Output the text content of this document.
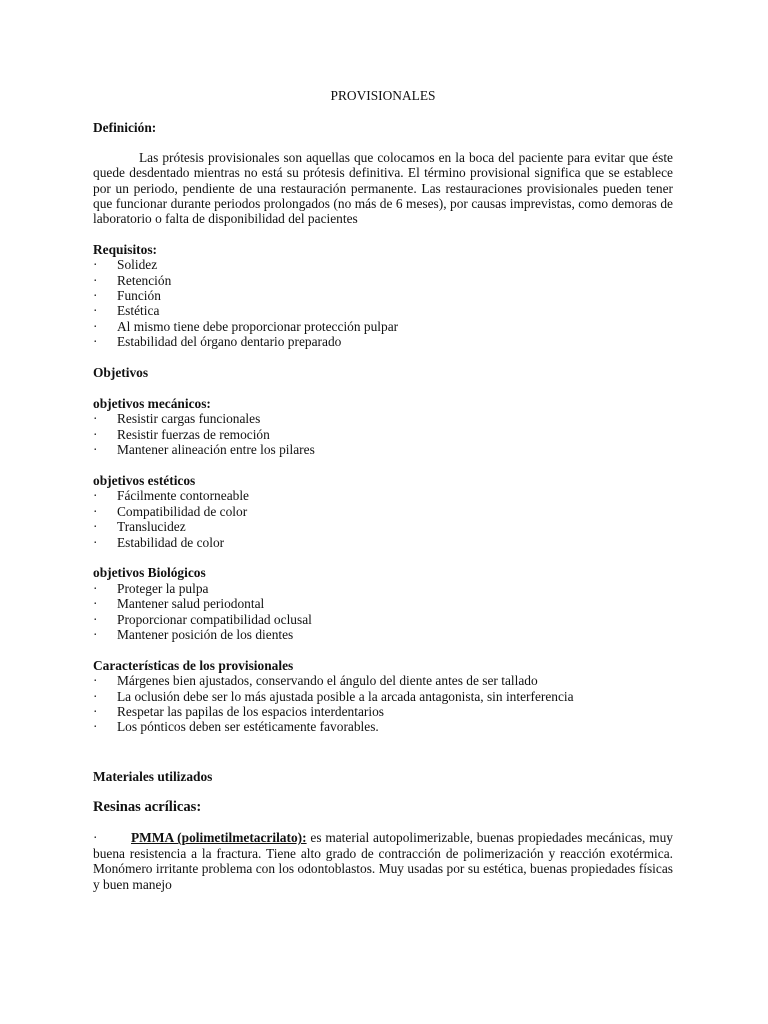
PROVISIONALES
Definición:
Las prótesis provisionales son aquellas que colocamos en la boca del paciente para evitar que éste quede desdentado mientras no está su prótesis definitiva. El término provisional significa que se establece por un periodo, pendiente de una restauración permanente. Las restauraciones provisionales pueden tener que funcionar durante periodos prolongados (no más de 6 meses), por causas imprevistas, como demoras de laboratorio o falta de disponibilidad del pacientes
Requisitos:
· Solidez
· Retención
· Función
· Estética
· Al mismo tiene debe proporcionar protección pulpar
· Estabilidad del órgano dentario preparado
Objetivos
objetivos mecánicos:
· Resistir cargas funcionales
· Resistir fuerzas de remoción
· Mantener alineación entre los pilares
objetivos estéticos
· Fácilmente contorneable
· Compatibilidad de color
· Translucidez
· Estabilidad de color
objetivos Biológicos
· Proteger la pulpa
· Mantener salud periodontal
· Proporcionar compatibilidad oclusal
· Mantener posición de los dientes
Características de los provisionales
· Márgenes bien ajustados, conservando el ángulo del diente antes de ser tallado
· La oclusión debe ser lo más ajustada posible a la arcada antagonista, sin interferencia
· Respetar las papilas de los espacios interdentarios
· Los pónticos deben ser estéticamente favorables.
Materiales utilizados
Resinas acrílicas:
·	PMMA (polimetilmetacrilato): es material autopolimerizable, buenas propiedades mecánicas, muy buena resistencia a la fractura. Tiene alto grado de contracción de polimerización y reacción exotérmica. Monómero irritante problema con los odontoblastos. Muy usadas por su estética, buenas propiedades físicas y buen manejo
